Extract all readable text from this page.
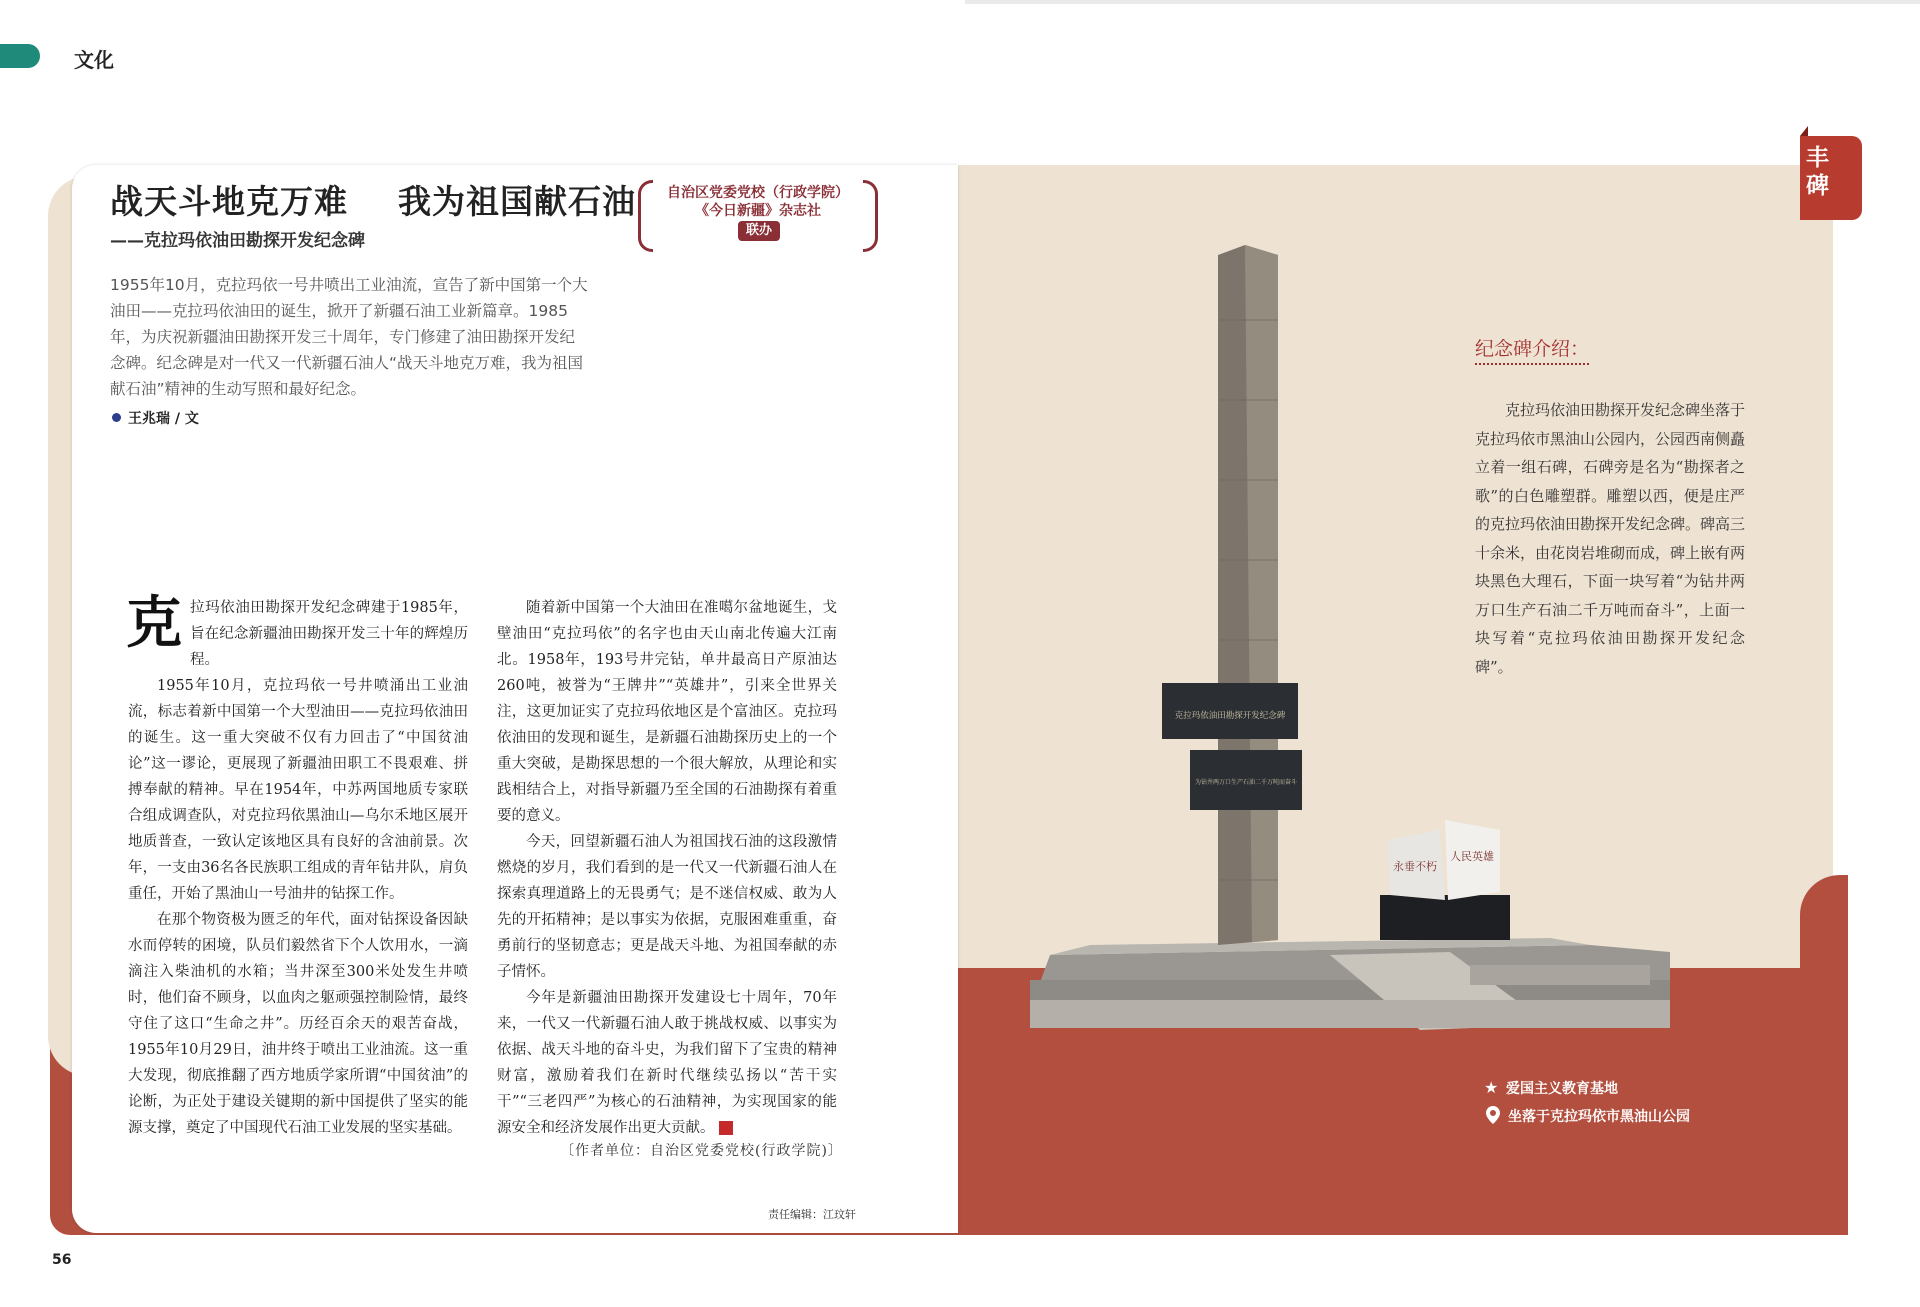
文化
战天斗地克万难    我为祖国献石油
——克拉玛依油田勘探开发纪念碑
自治区党委党校（行政学院）
《今日新疆》杂志社
联办
1955年10月，克拉玛依一号井喷出工业油流，宣告了新中国第一个大油田——克拉玛依油田的诞生，掀开了新疆石油工业新篇章。1985年，为庆祝新疆油田勘探开发三十周年，专门修建了油田勘探开发纪念碑。纪念碑是对一代又一代新疆石油人“战天斗地克万难，我为祖国献石油”精神的生动写照和最好纪念。
王兆瑞 / 文
克 拉玛依油田勘探开发纪念碑建于1985年，旨在纪念新疆油田勘探开发三十年的辉煌历程。

1955年10月，克拉玛依一号井喷涌出工业油流，标志着新中国第一个大型油田——克拉玛依油田的诞生。这一重大突破不仅有力回击了“中国贫油论”这一谬论，更展现了新疆油田职工不畏艰难、拼搏奉献的精神。早在1954年，中苏两国地质专家联合组成调查队，对克拉玛依黑油山—乌尔禾地区展开地质普查，一致认定该地区具有良好的含油前景。次年，一支由36名各民族职工组成的青年钻井队，肩负重任，开始了黑油山一号油井的钻探工作。

在那个物资极为匮乏的年代，面对钻探设备因缺水而停转的困境，队员们毅然省下个人饮用水，一滴滴注入柴油机的水箱；当井深至300米处发生井喷时，他们奋不顾身，以血肉之躯顽强控制险情，最终守住了这口“生命之井”。历经百余天的艰苦奋战，1955年10月29日，油井终于喷出工业油流。这一重大发现，彻底推翻了西方地质学家所谓“中国贫油”的论断，为正处于建设关键期的新中国提供了坚实的能源支撑，奠定了中国现代石油工业发展的坚实基础。

随着新中国第一个大油田在准噶尔盆地诞生，戈壁油田“克拉玛依”的名字也由天山南北传遍大江南北。1958年，193号井完钻，单井最高日产原油达260吨，被誉为“王牌井”“英雄井”，引来全世界关注，这更加证实了克拉玛依地区是个富油区。克拉玛依油田的发现和诞生，是新疆石油勘探历史上的一个重大突破，是勘探思想的一个很大解放，从理论和实践相结合上，对指导新疆乃至全国的石油勘探有着重要的意义。

今天，回望新疆石油人为祖国找石油的这段激情燃烧的岁月，我们看到的是一代又一代新疆石油人在探索真理道路上的无畏勇气；是不迷信权威、敢为人先的开拓精神；是以事实为依据，克服困难重重，奋勇前行的坚韧意志；更是战天斗地、为祖国奉献的赤子情怀。

今年是新疆油田勘探开发建设七十周年，70年来，一代又一代新疆石油人敢于挑战权威、以事实为依据、战天斗地的奋斗史，为我们留下了宝贵的精神财富，激励着我们在新时代继续弘扬以“苦干实干”“三老四严”为核心的石油精神，为实现国家的能源安全和经济发展作出更大贡献。

〔作者单位：自治区党委党校(行政学院)〕
责任编辑：江玟轩
56
丰碑
克拉玛依油田勘探开发纪念碑
为钻井两万口生产石油二千万吨而奋斗
永垂不朽
人民英雄
纪念碑介绍：

克拉玛依油田勘探开发纪念碑坐落于克拉玛依市黑油山公园内，公园西南侧矗立着一组石碑，石碑旁是名为“勘探者之歌”的白色雕塑群。雕塑以西，便是庄严的克拉玛依油田勘探开发纪念碑。碑高三十余米，由花岗岩堆砌而成，碑上嵌有两块黑色大理石，下面一块写着“为钻井两万口生产石油二千万吨而奋斗”，上面一块写着“克拉玛依油田勘探开发纪念碑”。

★ 爱国主义教育基地
坐落于克拉玛依市黑油山公园
